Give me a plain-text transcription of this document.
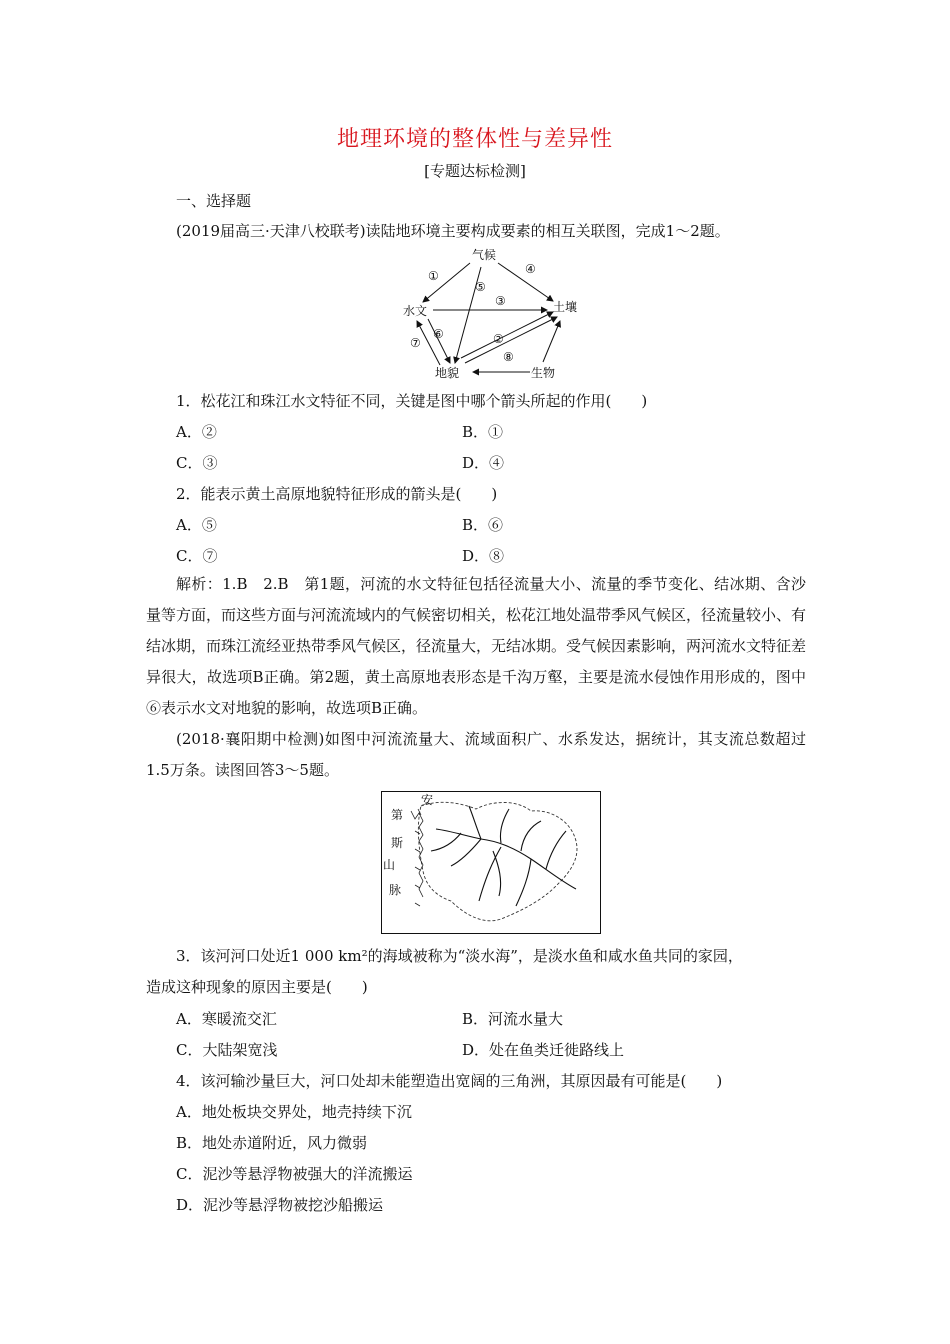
地理环境的整体性与差异性
[专题达标检测]
一、选择题
(2019届高三·天津八校联考)读陆地环境主要构成要素的相互关联图，完成1～2题。
气候
水文	土壤
地貌	生物
①
②
③
④
⑤
⑥
⑦
⑧
1．松花江和珠江水文特征不同，关键是图中哪个箭头所起的作用(　　)
A．②	B．①
C．③	D．④
2．能表示黄土高原地貌特征形成的箭头是(　　)
A．⑤	B．⑥
C．⑦	D．⑧
解析：1.B　2.B　第1题，河流的水文特征包括径流量大小、流量的季节变化、结冰期、含沙量等方面，而这些方面与河流流域内的气候密切相关，松花江地处温带季风气候区，径流量较小、有结冰期，而珠江流经亚热带季风气候区，径流量大，无结冰期。受气候因素影响，两河流水文特征差异很大，故选项B正确。第2题，黄土高原地表形态是千沟万壑，主要是流水侵蚀作用形成的，图中⑥表示水文对地貌的影响，故选项B正确。
(2018·襄阳期中检测)如图中河流流量大、流域面积广、水系发达，据统计，其支流总数超过1.5万条。读图回答3～5题。
安
第
斯
山
脉
3．该河河口处近1 000 km²的海域被称为“淡水海”，是淡水鱼和咸水鱼共同的家园，
造成这种现象的原因主要是(　　)
A．寒暖流交汇	B．河流水量大
C．大陆架宽浅	D．处在鱼类迁徙路线上
4．该河输沙量巨大，河口处却未能塑造出宽阔的三角洲，其原因最有可能是(　　)
A．地处板块交界处，地壳持续下沉
B．地处赤道附近，风力微弱
C．泥沙等悬浮物被强大的洋流搬运
D．泥沙等悬浮物被挖沙船搬运
